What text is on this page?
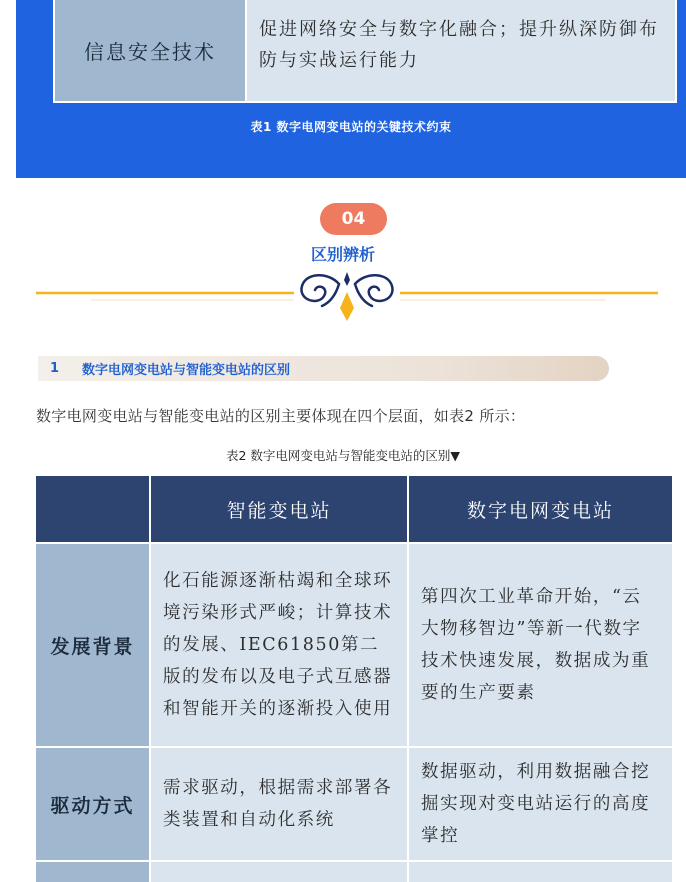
信息安全技术
促进网络安全与数字化融合；提升纵深防御布防与实战运行能力
表1 数字电网变电站的关键技术约束
04
区别辨析
1	数字电网变电站与智能变电站的区别
数字电网变电站与智能变电站的区别主要体现在四个层面，如表2 所示：
表2 数字电网变电站与智能变电站的区别▼
智能变电站	数字电网变电站
发展背景
化石能源逐渐枯竭和全球环境污染形式严峻；计算技术的发展、IEC61850第二版的发布以及电子式互感器和智能开关的逐渐投入使用
第四次工业革命开始，“云大物移智边”等新一代数字技术快速发展，数据成为重要的生产要素
驱动方式
需求驱动，根据需求部署各类装置和自动化系统
数据驱动，利用数据融合挖掘实现对变电站运行的高度掌控
